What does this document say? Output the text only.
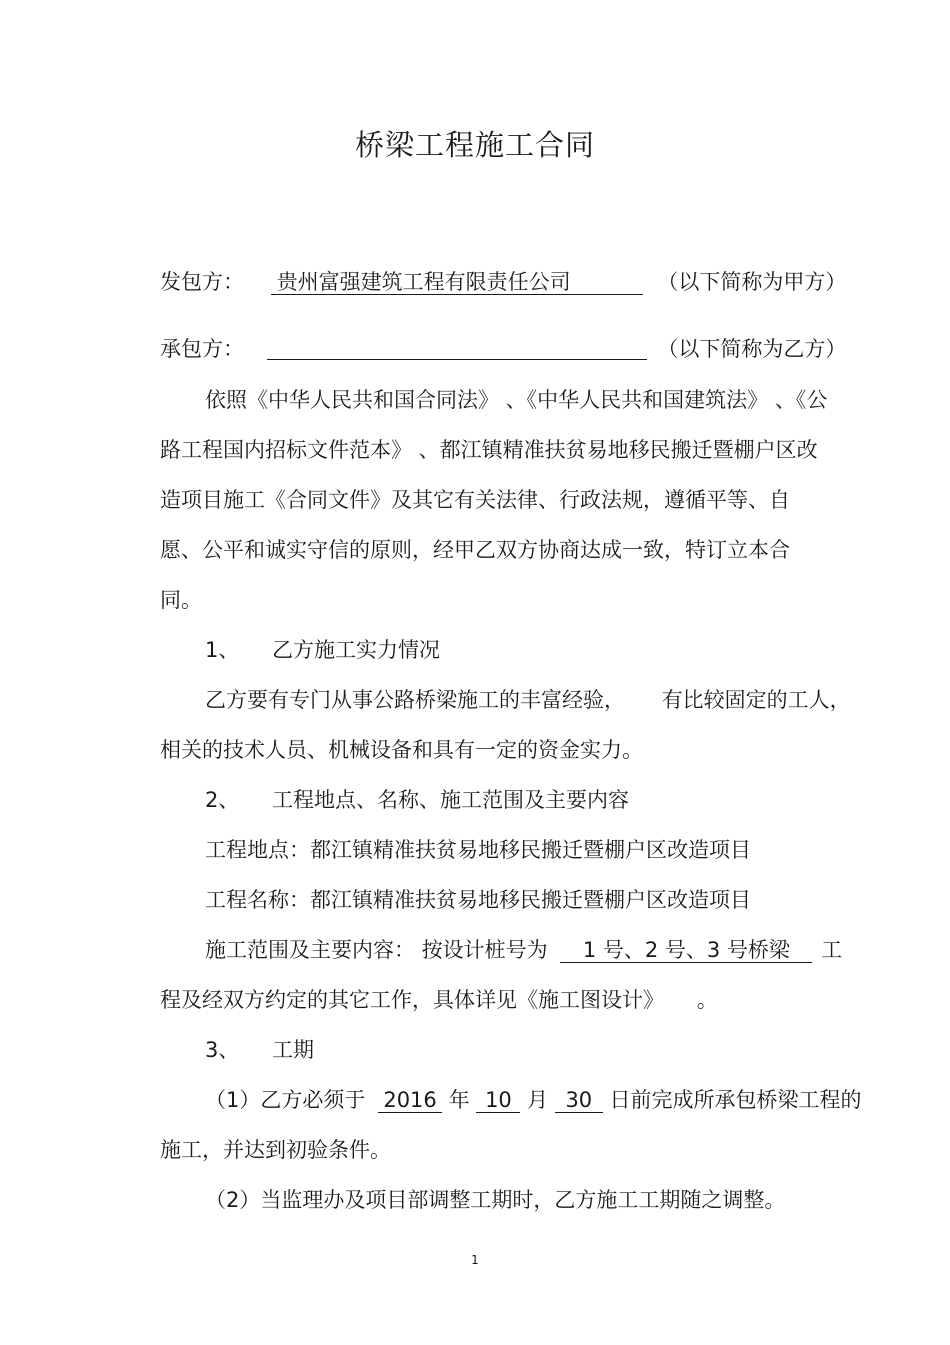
桥梁工程施工合同
发包方： 贵州富强建筑工程有限责任公司	（以下简称为甲方）
承包方：	（以下简称为乙方）
依照《中华人民共和国合同法》 、《中华人民共和国建筑法》 、《公
路工程国内招标文件范本》 、都江镇精准扶贫易地移民搬迁暨棚户区改
造项目施工《合同文件》及其它有关法律、行政法规，遵循平等、自
愿、公平和诚实守信的原则，经甲乙双方协商达成一致，特订立本合
同。
1、 乙方施工实力情况
乙方要有专门从事公路桥梁施工的丰富经验， 有比较固定的工人，
相关的技术人员、机械设备和具有一定的资金实力。
2、 工程地点、名称、施工范围及主要内容
工程地点：都江镇精准扶贫易地移民搬迁暨棚户区改造项目
工程名称：都江镇精准扶贫易地移民搬迁暨棚户区改造项目
施工范围及主要内容： 按设计桩号为 1 号、2 号、3 号桥梁 工
程及经双方约定的其它工作，具体详见《施工图设计》 。
3、 工期
（1）乙方必须于 2016 年 10 月 30 日前完成所承包桥梁工程的
施工，并达到初验条件。
（2）当监理办及项目部调整工期时，乙方施工工期随之调整。
1
